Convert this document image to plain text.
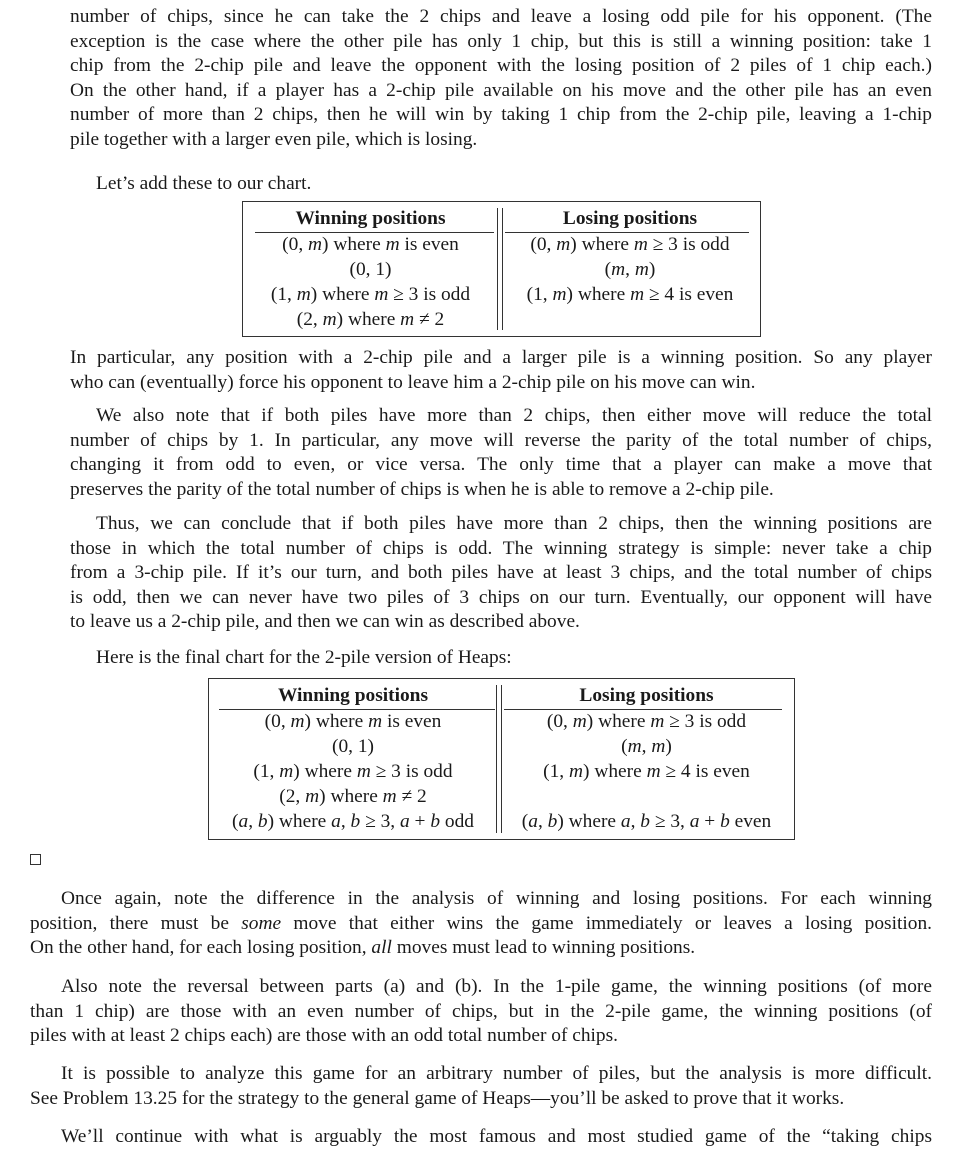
number of chips, since he can take the 2 chips and leave a losing odd pile for his opponent. (The
exception is the case where the other pile has only 1 chip, but this is still a winning position: take 1
chip from the 2-chip pile and leave the opponent with the losing position of 2 piles of 1 chip each.)
On the other hand, if a player has a 2-chip pile available on his move and the other pile has an even
number of more than 2 chips, then he will win by taking 1 chip from the 2-chip pile, leaving a 1-chip
pile together with a larger even pile, which is losing.
Let’s add these to our chart.
Winning positions
(0, m) where m is even
(0, 1)
(1, m) where m ≥ 3 is odd
(2, m) where m ≠ 2
Losing positions
(0, m) where m ≥ 3 is odd
(m, m)
(1, m) where m ≥ 4 is even
In particular, any position with a 2-chip pile and a larger pile is a winning position. So any player
who can (eventually) force his opponent to leave him a 2-chip pile on his move can win.
We also note that if both piles have more than 2 chips, then either move will reduce the total
number of chips by 1. In particular, any move will reverse the parity of the total number of chips,
changing it from odd to even, or vice versa. The only time that a player can make a move that
preserves the parity of the total number of chips is when he is able to remove a 2-chip pile.
Thus, we can conclude that if both piles have more than 2 chips, then the winning positions are
those in which the total number of chips is odd. The winning strategy is simple: never take a chip
from a 3-chip pile. If it’s our turn, and both piles have at least 3 chips, and the total number of chips
is odd, then we can never have two piles of 3 chips on our turn. Eventually, our opponent will have
to leave us a 2-chip pile, and then we can win as described above.
Here is the final chart for the 2-pile version of Heaps:
Winning positions
(0, m) where m is even
(0, 1)
(1, m) where m ≥ 3 is odd
(2, m) where m ≠ 2
(a, b) where a, b ≥ 3, a + b odd
Losing positions
(0, m) where m ≥ 3 is odd
(m, m)
(1, m) where m ≥ 4 is even

(a, b) where a, b ≥ 3, a + b even
Once again, note the difference in the analysis of winning and losing positions. For each winning
position, there must be some move that either wins the game immediately or leaves a losing position.
On the other hand, for each losing position, all moves must lead to winning positions.
Also note the reversal between parts (a) and (b). In the 1-pile game, the winning positions (of more
than 1 chip) are those with an even number of chips, but in the 2-pile game, the winning positions (of
piles with at least 2 chips each) are those with an odd total number of chips.
It is possible to analyze this game for an arbitrary number of piles, but the analysis is more difficult.
See Problem 13.25 for the strategy to the general game of Heaps—you’ll be asked to prove that it works.
We’ll continue with what is arguably the most famous and most studied game of the “taking chips
